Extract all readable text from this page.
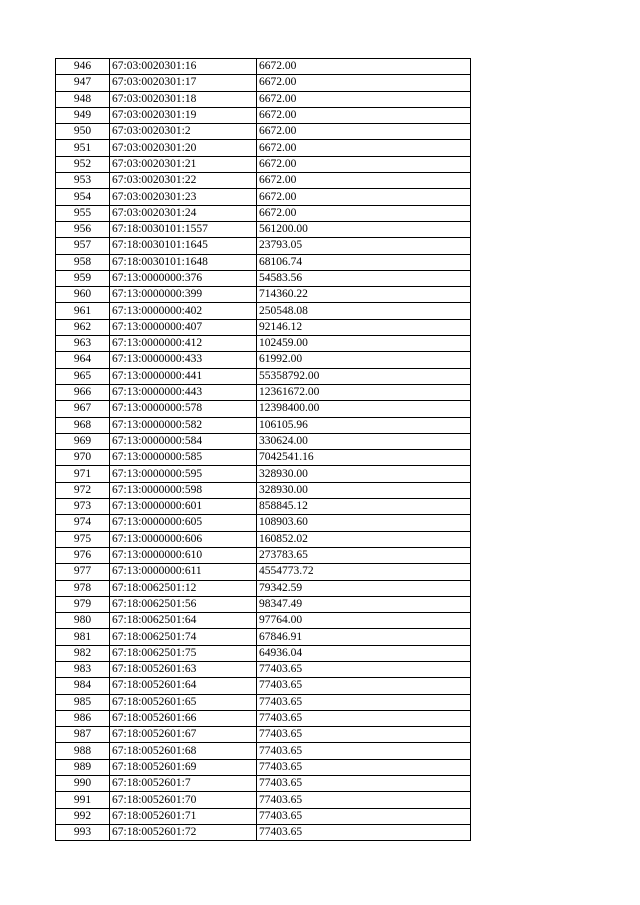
946	67:03:0020301:16	6672.00
947	67:03:0020301:17	6672.00
948	67:03:0020301:18	6672.00
949	67:03:0020301:19	6672.00
950	67:03:0020301:2	6672.00
951	67:03:0020301:20	6672.00
952	67:03:0020301:21	6672.00
953	67:03:0020301:22	6672.00
954	67:03:0020301:23	6672.00
955	67:03:0020301:24	6672.00
956	67:18:0030101:1557	561200.00
957	67:18:0030101:1645	23793.05
958	67:18:0030101:1648	68106.74
959	67:13:0000000:376	54583.56
960	67:13:0000000:399	714360.22
961	67:13:0000000:402	250548.08
962	67:13:0000000:407	92146.12
963	67:13:0000000:412	102459.00
964	67:13:0000000:433	61992.00
965	67:13:0000000:441	55358792.00
966	67:13:0000000:443	12361672.00
967	67:13:0000000:578	12398400.00
968	67:13:0000000:582	106105.96
969	67:13:0000000:584	330624.00
970	67:13:0000000:585	7042541.16
971	67:13:0000000:595	328930.00
972	67:13:0000000:598	328930.00
973	67:13:0000000:601	858845.12
974	67:13:0000000:605	108903.60
975	67:13:0000000:606	160852.02
976	67:13:0000000:610	273783.65
977	67:13:0000000:611	4554773.72
978	67:18:0062501:12	79342.59
979	67:18:0062501:56	98347.49
980	67:18:0062501:64	97764.00
981	67:18:0062501:74	67846.91
982	67:18:0062501:75	64936.04
983	67:18:0052601:63	77403.65
984	67:18:0052601:64	77403.65
985	67:18:0052601:65	77403.65
986	67:18:0052601:66	77403.65
987	67:18:0052601:67	77403.65
988	67:18:0052601:68	77403.65
989	67:18:0052601:69	77403.65
990	67:18:0052601:7	77403.65
991	67:18:0052601:70	77403.65
992	67:18:0052601:71	77403.65
993	67:18:0052601:72	77403.65
